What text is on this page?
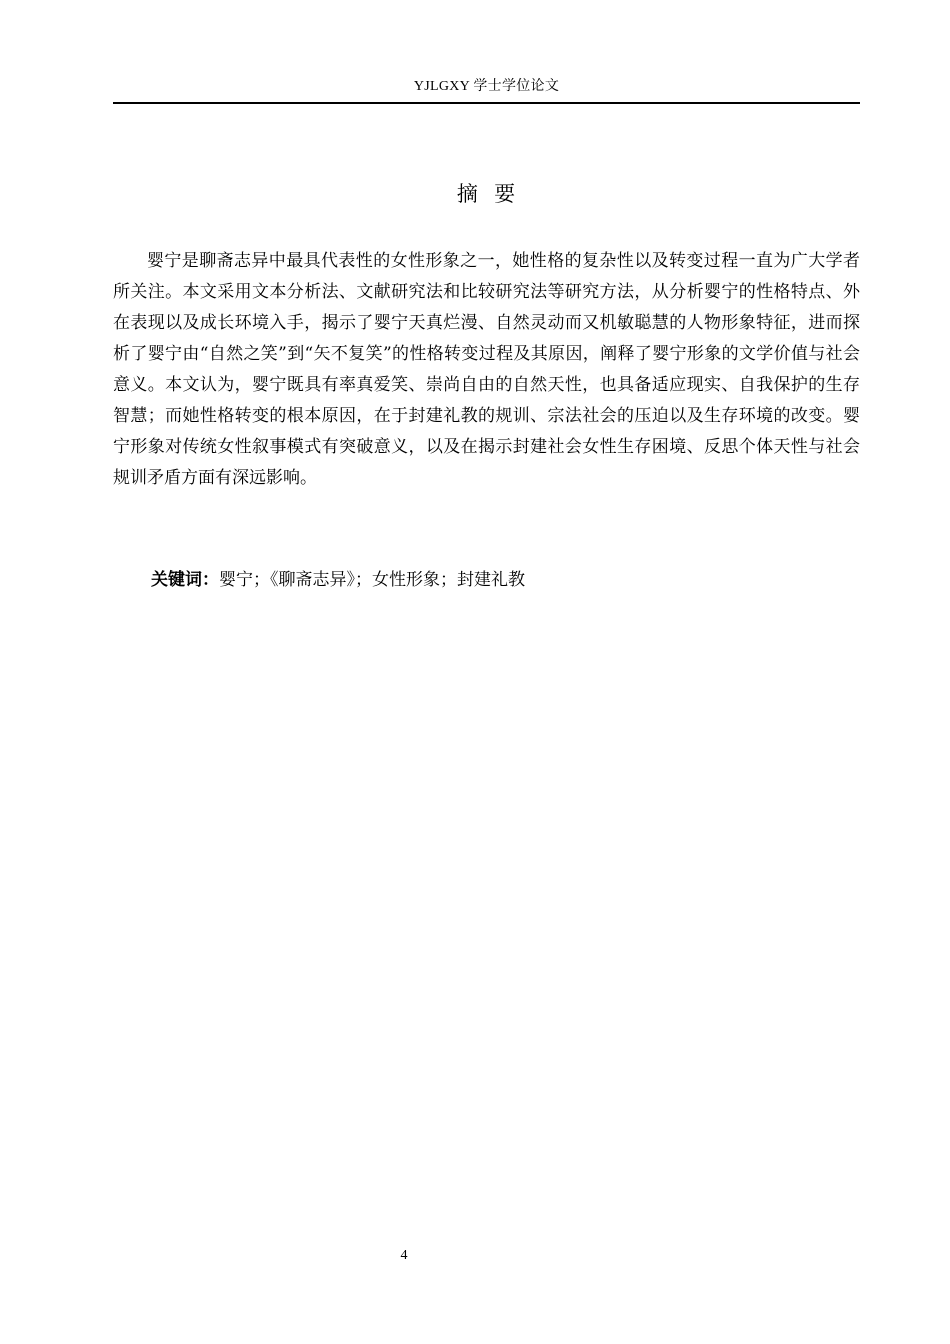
YJLGXY 学士学位论文
摘  要

婴宁是聊斋志异中最具代表性的女性形象之一，她性格的复杂性以及转变过程一直为广大学者所关注。本文采用文本分析法、文献研究法和比较研究法等研究方法，从分析婴宁的性格特点、外在表现以及成长环境入手，揭示了婴宁天真烂漫、自然灵动而又机敏聪慧的人物形象特征，进而探析了婴宁由“自然之笑”到“矢不复笑”的性格转变过程及其原因，阐释了婴宁形象的文学价值与社会意义。本文认为，婴宁既具有率真爱笑、崇尚自由的自然天性，也具备适应现实、自我保护的生存智慧；而她性格转变的根本原因，在于封建礼教的规训、宗法社会的压迫以及生存环境的改变。婴宁形象对传统女性叙事模式有突破意义，以及在揭示封建社会女性生存困境、反思个体天性与社会规训矛盾方面有深远影响。

关键词：婴宁；《聊斋志异》；女性形象；封建礼教
4
